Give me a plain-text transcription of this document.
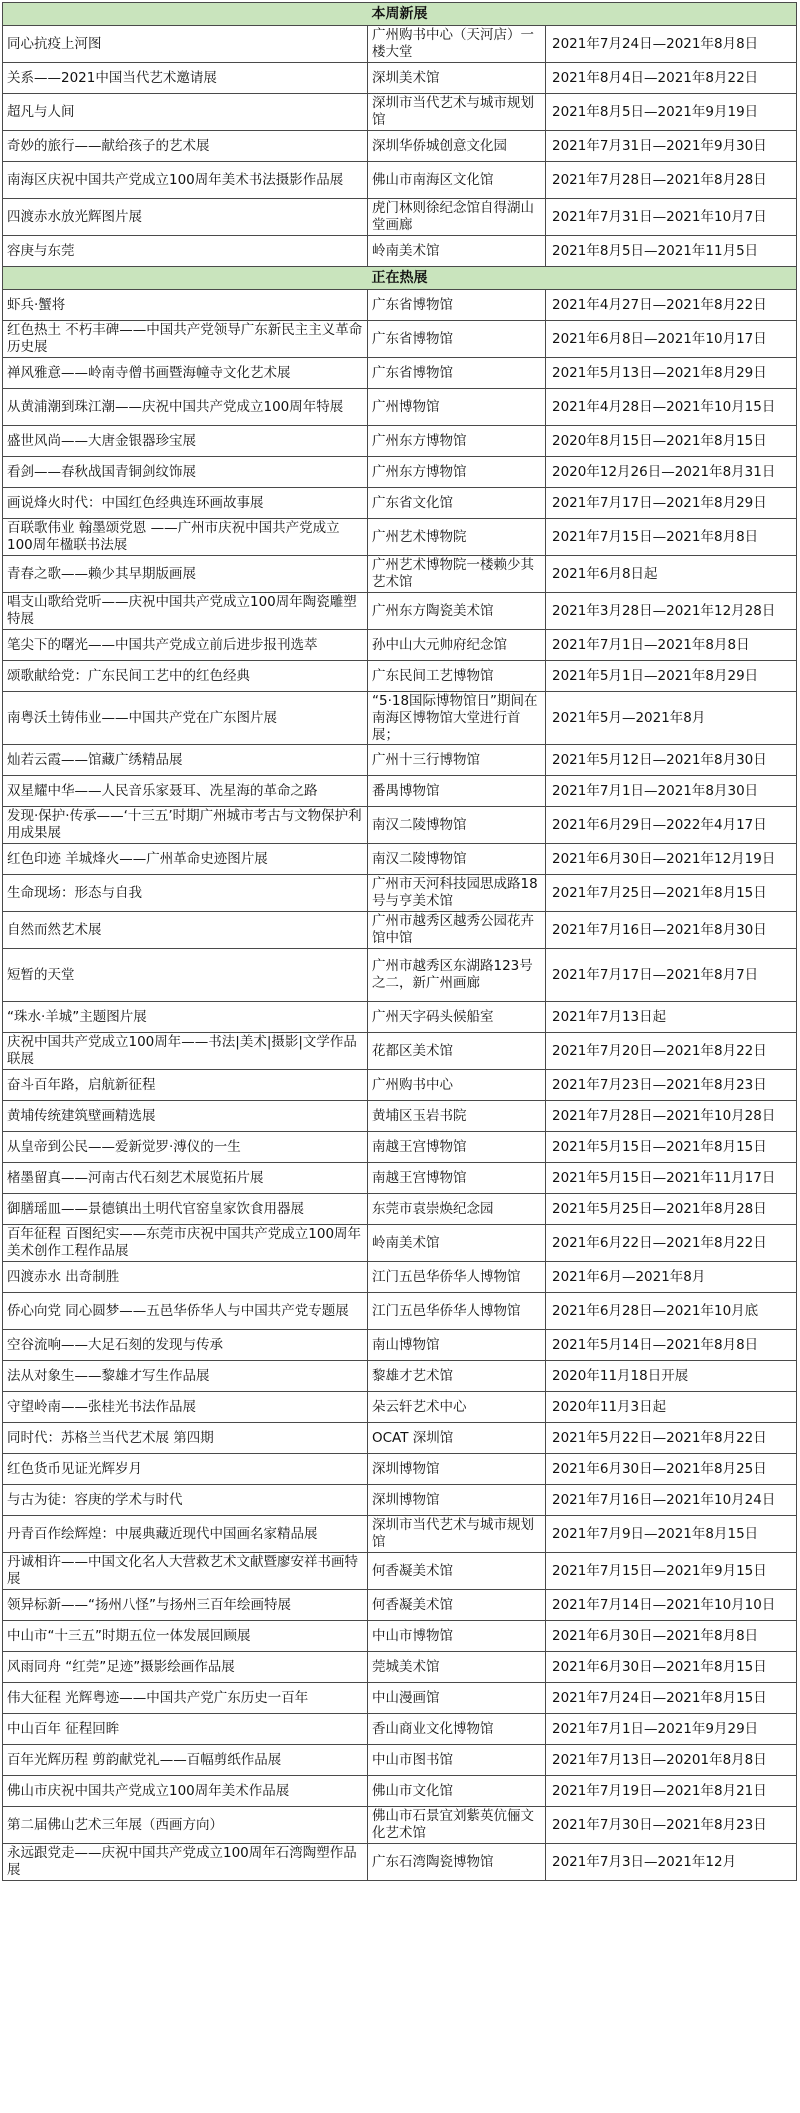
本周新展		
同心抗疫上河图	广州购书中心（天河店）一楼大堂	2021年7月24日—2021年8月8日
关系——2021中国当代艺术邀请展	深圳美术馆	2021年8月4日—2021年8月22日
超凡与人间	深圳市当代艺术与城市规划馆	2021年8月5日—2021年9月19日
奇妙的旅行——献给孩子的艺术展	深圳华侨城创意文化园	2021年7月31日—2021年9月30日
南海区庆祝中国共产党成立100周年美术书法摄影作品展	佛山市南海区文化馆	2021年7月28日—2021年8月28日
四渡赤水放光辉图片展	虎门林则徐纪念馆自得湖山堂画廊	2021年7月31日—2021年10月7日
容庚与东莞	岭南美术馆	2021年8月5日—2021年11月5日
正在热展		
虾兵·蟹将	广东省博物馆	2021年4月27日—2021年8月22日
红色热土 不朽丰碑——中国共产党领导广东新民主主义革命历史展	广东省博物馆	2021年6月8日—2021年10月17日
禅风雅意——岭南寺僧书画暨海幢寺文化艺术展	广东省博物馆	2021年5月13日—2021年8月29日
从黄浦潮到珠江潮——庆祝中国共产党成立100周年特展	广州博物馆	2021年4月28日—2021年10月15日
盛世风尚——大唐金银器珍宝展	广州东方博物馆	2020年8月15日—2021年8月15日
看剑——春秋战国青铜剑纹饰展	广州东方博物馆	2020年12月26日—2021年8月31日
画说烽火时代：中国红色经典连环画故事展	广东省文化馆	2021年7月17日—2021年8月29日
百联歌伟业 翰墨颂党恩 ——广州市庆祝中国共产党成立100周年楹联书法展	广州艺术博物院	2021年7月15日—2021年8月8日
青春之歌——赖少其早期版画展	广州艺术博物院一楼赖少其艺术馆	2021年6月8日起
唱支山歌给党听——庆祝中国共产党成立100周年陶瓷雕塑特展	广州东方陶瓷美术馆	2021年3月28日—2021年12月28日
笔尖下的曙光——中国共产党成立前后进步报刊选萃	孙中山大元帅府纪念馆	2021年7月1日—2021年8月8日
颂歌献给党：广东民间工艺中的红色经典	广东民间工艺博物馆	2021年5月1日—2021年8月29日
南粤沃土铸伟业——中国共产党在广东图片展	“5·18国际博物馆日”期间在南海区博物馆大堂进行首展；	2021年5月—2021年8月
灿若云霞——馆藏广绣精品展	广州十三行博物馆	2021年5月12日—2021年8月30日
双星耀中华——人民音乐家聂耳、冼星海的革命之路	番禺博物馆	2021年7月1日—2021年8月30日
发现·保护·传承——‘十三五’时期广州城市考古与文物保护利用成果展	南汉二陵博物馆	2021年6月29日—2022年4月17日
红色印迹 羊城烽火——广州革命史迹图片展	南汉二陵博物馆	2021年6月30日—2021年12月19日
生命现场：形态与自我	广州市天河科技园思成路18号与亨美术馆	2021年7月25日—2021年8月15日
自然而然艺术展	广州市越秀区越秀公园花卉馆中馆	2021年7月16日—2021年8月30日
短暂的天堂	广州市越秀区东湖路123号之二，新广州画廊	2021年7月17日—2021年8月7日
“珠水·羊城”主题图片展	广州天字码头候船室	2021年7月13日起
庆祝中国共产党成立100周年——书法|美术|摄影|文学作品联展	花都区美术馆	2021年7月20日—2021年8月22日
奋斗百年路，启航新征程	广州购书中心	2021年7月23日—2021年8月23日
黄埔传统建筑壁画精选展	黄埔区玉岩书院	2021年7月28日—2021年10月28日
从皇帝到公民——爱新觉罗·溥仪的一生	南越王宫博物馆	2021年5月15日—2021年8月15日
楮墨留真——河南古代石刻艺术展览拓片展	南越王宫博物馆	2021年5月15日—2021年11月17日
御膳瑶皿——景德镇出土明代官窑皇家饮食用器展	东莞市袁崇焕纪念园	2021年5月25日—2021年8月28日
百年征程 百图纪实——东莞市庆祝中国共产党成立100周年美术创作工程作品展	岭南美术馆	2021年6月22日—2021年8月22日
四渡赤水 出奇制胜	江门五邑华侨华人博物馆	2021年6月—2021年8月
侨心向党 同心圆梦——五邑华侨华人与中国共产党专题展	江门五邑华侨华人博物馆	2021年6月28日—2021年10月底
空谷流响——大足石刻的发现与传承	南山博物馆	2021年5月14日—2021年8月8日
法从对象生——黎雄才写生作品展	黎雄才艺术馆	2020年11月18日开展
守望岭南——张桂光书法作品展	朵云轩艺术中心	2020年11月3日起
同时代：苏格兰当代艺术展 第四期	OCAT 深圳馆	2021年5月22日—2021年8月22日
红色货币见证光辉岁月	深圳博物馆	2021年6月30日—2021年8月25日
与古为徒：容庚的学术与时代	深圳博物馆	2021年7月16日—2021年10月24日
丹青百作绘辉煌：中展典藏近现代中国画名家精品展	深圳市当代艺术与城市规划馆	2021年7月9日—2021年8月15日
丹诚相许——中国文化名人大营救艺术文献暨廖安祥书画特展	何香凝美术馆	2021年7月15日—2021年9月15日
领异标新——“扬州八怪”与扬州三百年绘画特展	何香凝美术馆	2021年7月14日—2021年10月10日
中山市“十三五”时期五位一体发展回顾展	中山市博物馆	2021年6月30日—2021年8月8日
风雨同舟 “红莞”足迹”摄影绘画作品展	莞城美术馆	2021年6月30日—2021年8月15日
伟大征程 光辉粤迹——中国共产党广东历史一百年	中山漫画馆	2021年7月24日—2021年8月15日
中山百年 征程回眸	香山商业文化博物馆	2021年7月1日—2021年9月29日
百年光辉历程 剪韵献党礼——百幅剪纸作品展	中山市图书馆	2021年7月13日—20201年8月8日
佛山市庆祝中国共产党成立100周年美术作品展	佛山市文化馆	2021年7月19日—2021年8月21日
第二届佛山艺术三年展（西画方向）	佛山市石景宜刘紫英伉俪文化艺术馆	2021年7月30日—2021年8月23日
永远跟党走——庆祝中国共产党成立100周年石湾陶塑作品展	广东石湾陶瓷博物馆	2021年7月3日—2021年12月
